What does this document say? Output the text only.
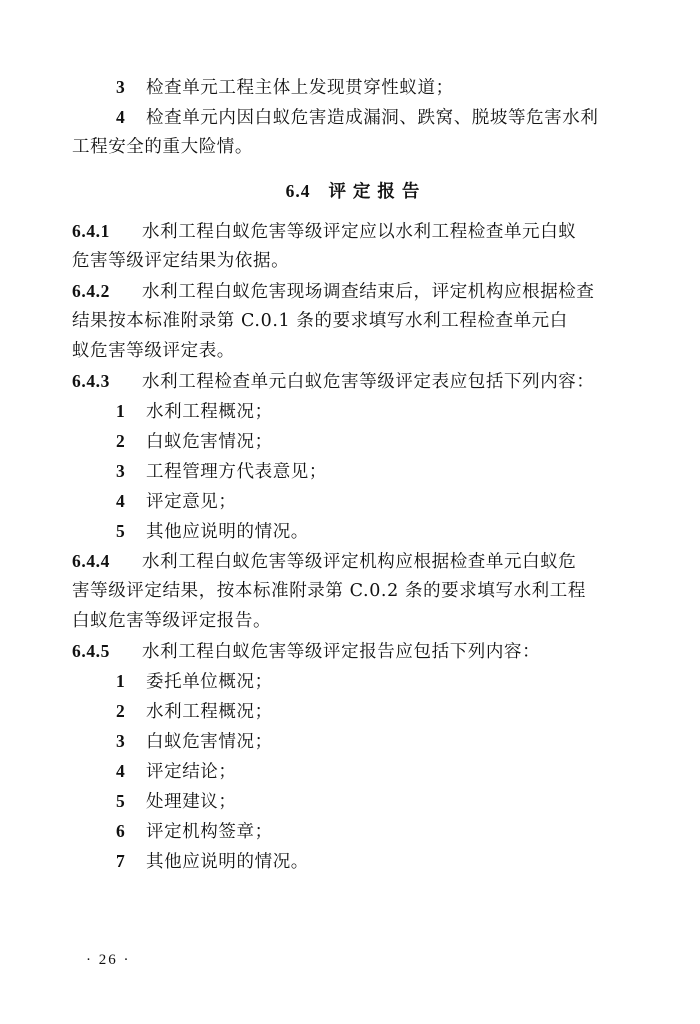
3 检查单元工程主体上发现贯穿性蚁道；
4 检查单元内因白蚁危害造成漏洞、跌窝、脱坡等危害水利
工程安全的重大险情。
6.4 评定报告
6.4.1 水利工程白蚁危害等级评定应以水利工程检查单元白蚁
危害等级评定结果为依据。
6.4.2 水利工程白蚁危害现场调查结束后，评定机构应根据检查
结果按本标准附录第 C.0.1 条的要求填写水利工程检查单元白
蚁危害等级评定表。
6.4.3 水利工程检查单元白蚁危害等级评定表应包括下列内容：
1 水利工程概况；
2 白蚁危害情况；
3 工程管理方代表意见；
4 评定意见；
5 其他应说明的情况。
6.4.4 水利工程白蚁危害等级评定机构应根据检查单元白蚁危
害等级评定结果，按本标准附录第 C.0.2 条的要求填写水利工程
白蚁危害等级评定报告。
6.4.5 水利工程白蚁危害等级评定报告应包括下列内容：
1 委托单位概况；
2 水利工程概况；
3 白蚁危害情况；
4 评定结论；
5 处理建议；
6 评定机构签章；
7 其他应说明的情况。
· 26 ·
